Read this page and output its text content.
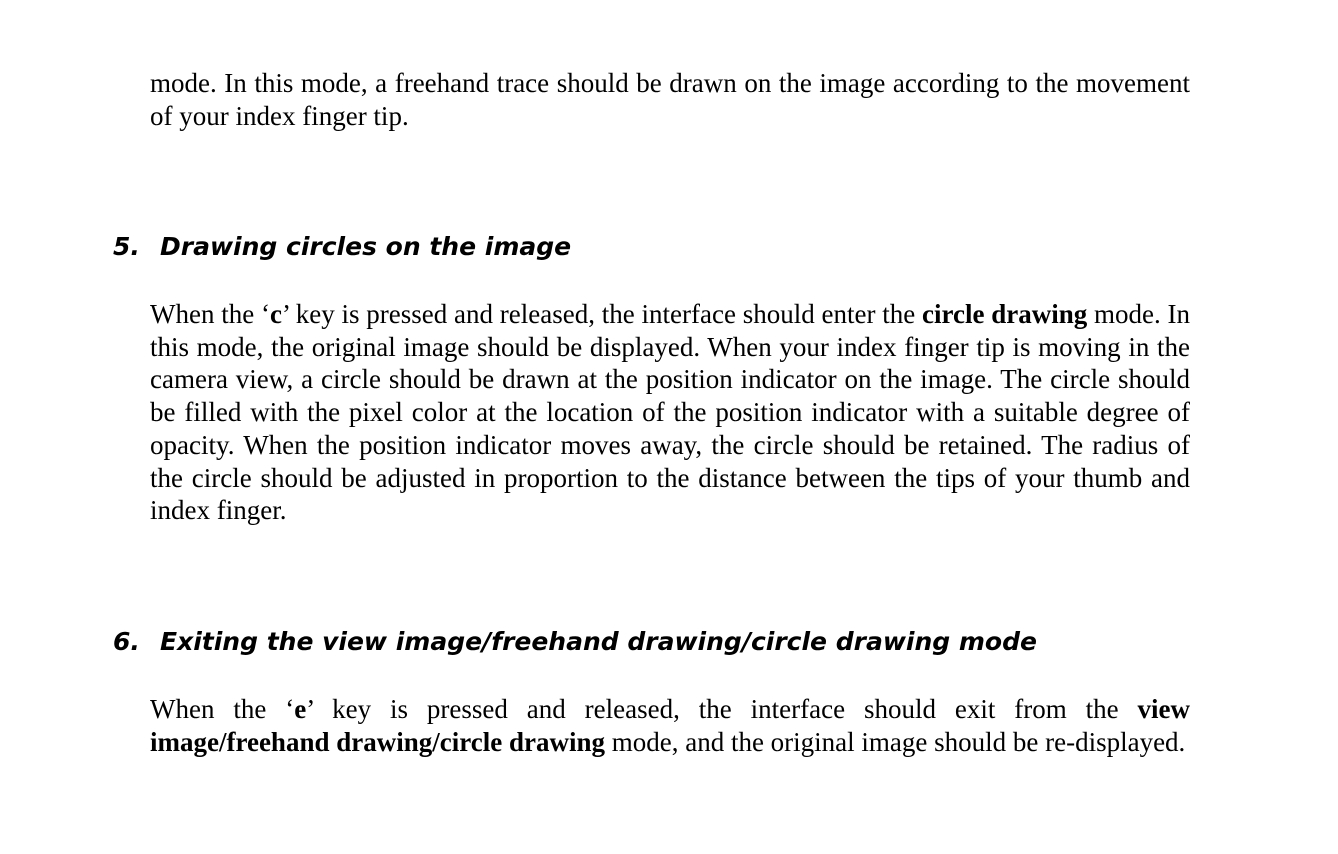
mode. In this mode, a freehand trace should be drawn on the image according to the movement of your index finger tip.

5. Drawing circles on the image

When the ‘c’ key is pressed and released, the interface should enter the circle drawing mode. In this mode, the original image should be displayed. When your index finger tip is moving in the camera view, a circle should be drawn at the position indicator on the image. The circle should be filled with the pixel color at the location of the position indicator with a suitable degree of opacity. When the position indicator moves away, the circle should be retained. The radius of the circle should be adjusted in proportion to the distance between the tips of your thumb and index finger.

6. Exiting the view image/freehand drawing/circle drawing mode

When the ‘e’ key is pressed and released, the interface should exit from the view image/freehand drawing/circle drawing mode, and the original image should be re-displayed.
